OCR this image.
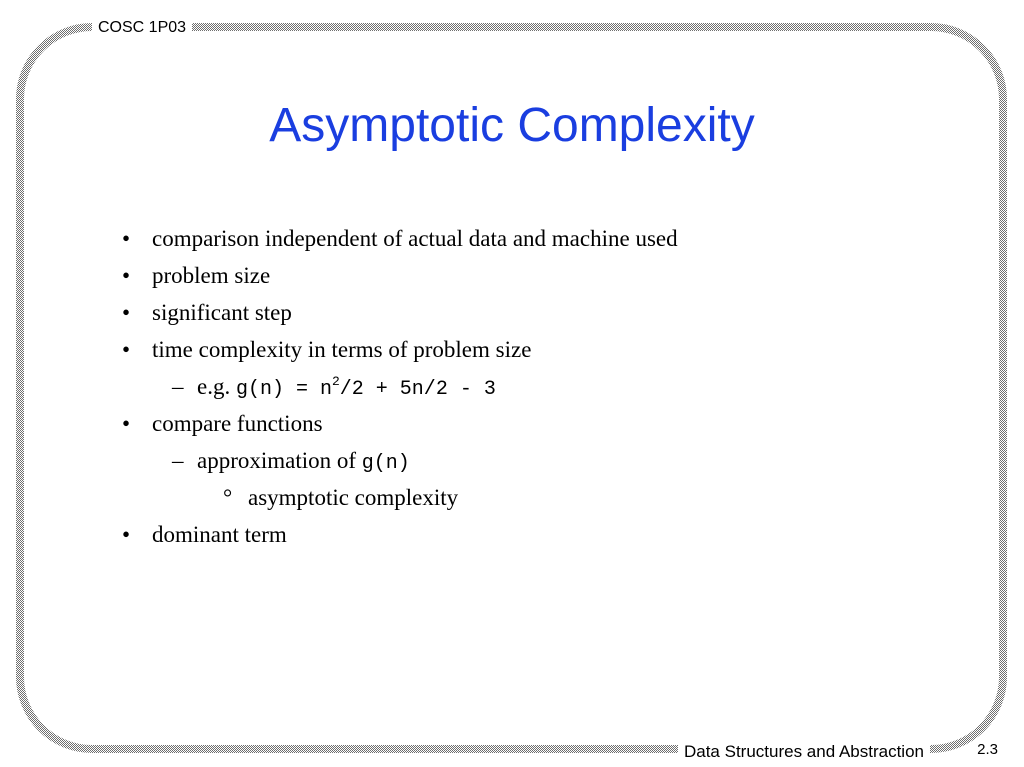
COSC 1P03
Asymptotic Complexity
• comparison independent of actual data and machine used
• problem size
• significant step
• time complexity in terms of problem size
– e.g. $g(n) = n^2/2 + 5n/2 - 3$
• compare functions
– approximation of g(n)
° asymptotic complexity
• dominant term
Data Structures and Abstraction	2.3
